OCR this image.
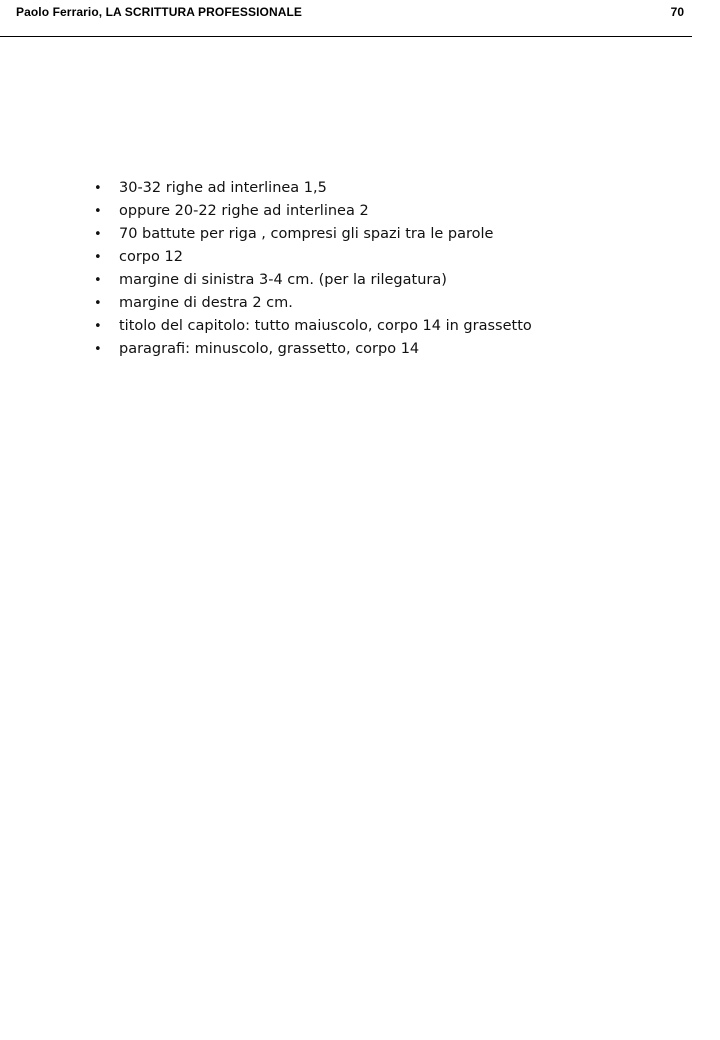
Paolo Ferrario, LA SCRITTURA PROFESSIONALE	70
• 30-32 righe ad interlinea 1,5
• oppure 20-22 righe ad interlinea 2
• 70 battute per riga , compresi gli spazi tra le parole
• corpo 12
• margine di sinistra 3-4 cm. (per la rilegatura)
• margine di destra 2 cm.
• titolo del capitolo: tutto maiuscolo, corpo 14 in grassetto
• paragrafi: minuscolo, grassetto, corpo 14
